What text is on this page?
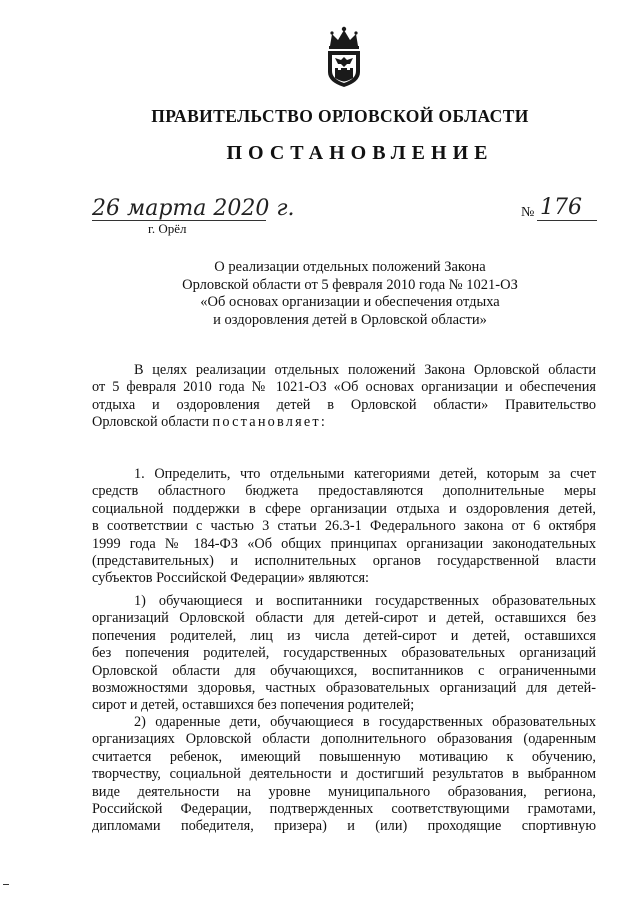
ПРАВИТЕЛЬСТВО ОРЛОВСКОЙ ОБЛАСТИ
ПОСТАНОВЛЕНИЕ
26 марта 2020 г.
г. Орёл
№ 176
О реализации отдельных положений Закона
Орловской области от 5 февраля 2010 года № 1021-ОЗ
«Об основах организации и обеспечения отдыха
и оздоровления детей в Орловской области»
В целях реализации отдельных положений Закона Орловской области
от 5 февраля 2010 года № 1021-ОЗ «Об основах организации и обеспечения
отдыха и оздоровления детей в Орловской области» Правительство
Орловской области постановляет:
1. Определить, что отдельными категориями детей, которым за счет
средств областного бюджета предоставляются дополнительные меры
социальной поддержки в сфере организации отдыха и оздоровления детей,
в соответствии с частью 3 статьи 26.3-1 Федерального закона от 6 октября
1999 года № 184-ФЗ «Об общих принципах организации законодательных
(представительных) и исполнительных органов государственной власти
субъектов Российской Федерации» являются:
1) обучающиеся и воспитанники государственных образовательных
организаций Орловской области для детей-сирот и детей, оставшихся без
попечения родителей, лиц из числа детей-сирот и детей, оставшихся
без попечения родителей, государственных образовательных организаций
Орловской области для обучающихся, воспитанников с ограниченными
возможностями здоровья, частных образовательных организаций для детей-
сирот и детей, оставшихся без попечения родителей;
2) одаренные дети, обучающиеся в государственных образовательных
организациях Орловской области дополнительного образования (одаренным
считается ребенок, имеющий повышенную мотивацию к обучению,
творчеству, социальной деятельности и достигший результатов в выбранном
виде деятельности на уровне муниципального образования, региона,
Российской Федерации, подтвержденных соответствующими грамотами,
дипломами победителя, призера) и (или) проходящие спортивную
